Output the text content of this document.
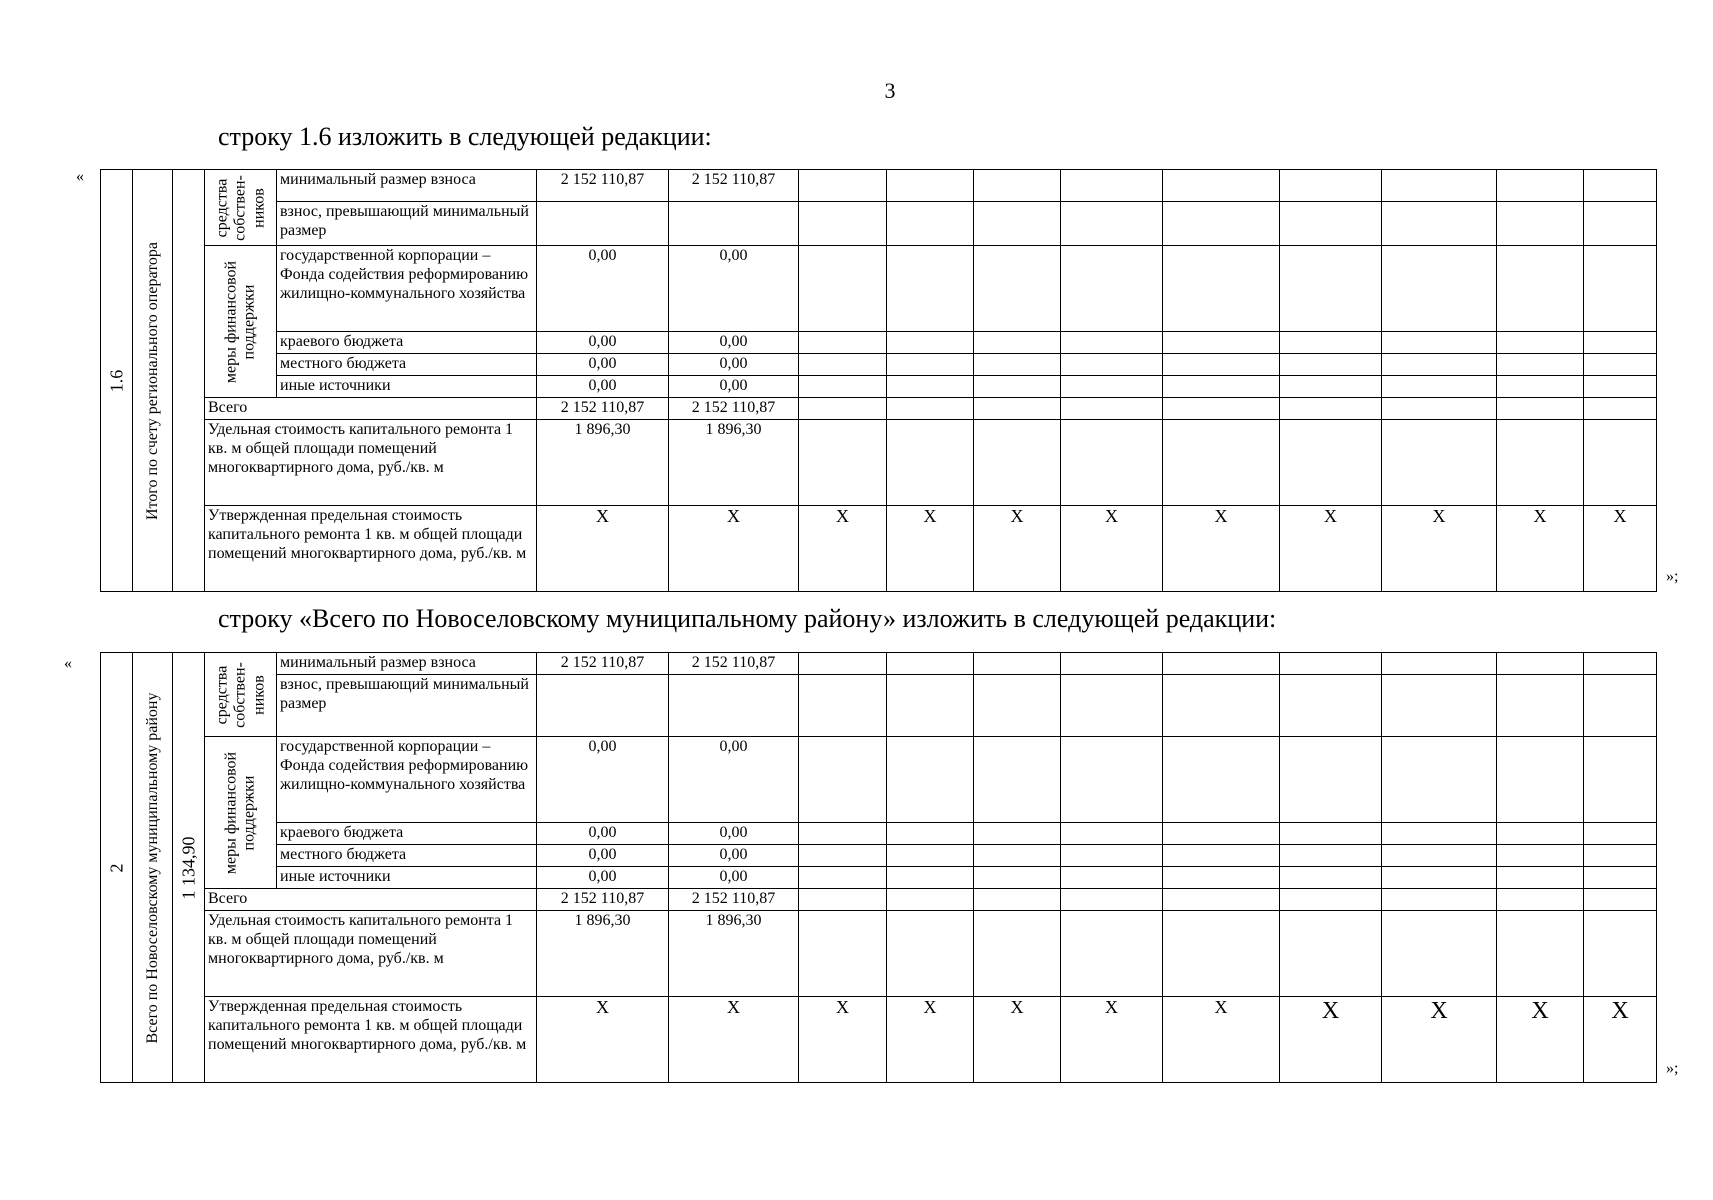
3
строку 1.6 изложить в следующей редакции:
«
1.6	Итого по счету регионального оператора		средства собствен-ников	минимальный размер взноса	2 152 110,87	2 152 110,87									
				взнос, превышающий минимальный размер											

			меры финансовой поддержки	государственной корпорации – Фонда содействия реформированию жилищно-коммунального хозяйства	0,00	0,00									
				краевого бюджета	0,00	0,00									
				местного бюджета	0,00	0,00									
				иные источники	0,00	0,00									
			Всего		2 152 110,87	2 152 110,87									
			Удельная стоимость капитального ремонта 1 кв. м общей площади помещений многоквартирного дома, руб./кв. м		1 896,30	1 896,30									
			Утвержденная предельная стоимость капитального ремонта 1 кв. м общей площади помещений многоквартирного дома, руб./кв. м		X	X	X	X	X	X	X	X	X	X	X
»;
строку «Всего по Новоселовскому муниципальному району» изложить в следующей редакции:
«
2	Всего по Новоселовскому муниципальному району	1 134,90	средства собствен-ников	минимальный размер взноса	2 152 110,87	2 152 110,87									
				взнос, превышающий минимальный размер											

			меры финансовой поддержки	государственной корпорации – Фонда содействия реформированию жилищно-коммунального хозяйства	0,00	0,00									
				краевого бюджета	0,00	0,00									
				местного бюджета	0,00	0,00									
				иные источники	0,00	0,00									
			Всего		2 152 110,87	2 152 110,87									
			Удельная стоимость капитального ремонта 1 кв. м общей площади помещений многоквартирного дома, руб./кв. м		1 896,30	1 896,30									
			Утвержденная предельная стоимость капитального ремонта 1 кв. м общей площади помещений многоквартирного дома, руб./кв. м		X	X	X	X	X	X	X	X	X	X	X
»;
